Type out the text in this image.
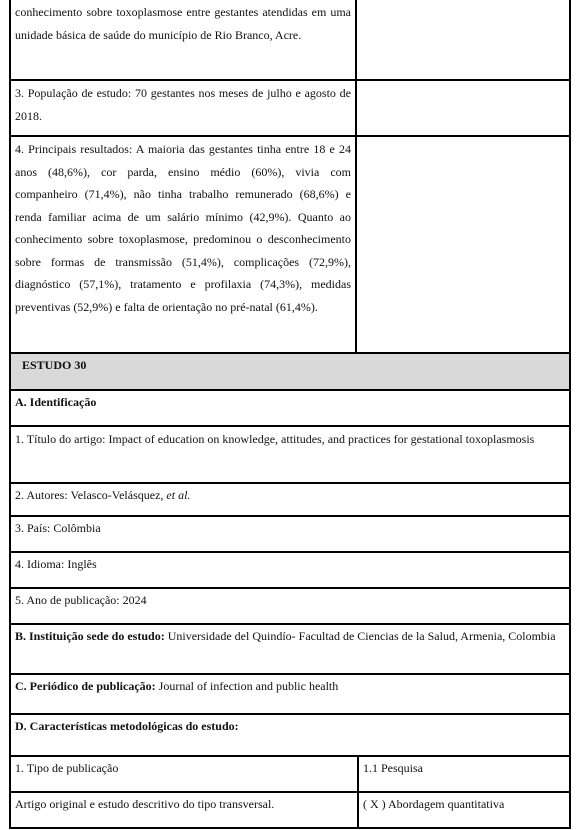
conhecimento sobre toxoplasmose entre gestantes atendidas em uma unidade básica de saúde do município de Rio Branco, Acre.
3. População de estudo: 70 gestantes nos meses de julho e agosto de 2018.
4. Principais resultados: A maioria das gestantes tinha entre 18 e 24 anos (48,6%), cor parda, ensino médio (60%), vivia com companheiro (71,4%), não tinha trabalho remunerado (68,6%) e renda familiar acima de um salário mínimo (42,9%). Quanto ao conhecimento sobre toxoplasmose, predominou o desconhecimento sobre formas de transmissão (51,4%), complicações (72,9%), diagnóstico (57,1%), tratamento e profilaxia (74,3%), medidas preventivas (52,9%) e falta de orientação no pré-natal (61,4%).
ESTUDO 30
A. Identificação
1. Título do artigo: Impact of education on knowledge, attitudes, and practices for gestational toxoplasmosis
2. Autores: Velasco-Velásquez, et al.
3. País: Colômbia
4. Idioma: Inglês
5. Ano de publicação: 2024
B. Instituição sede do estudo: Universidade del Quindío- Facultad de Ciencias de la Salud, Armenia, Colombia
C. Periódico de publicação: Journal of infection and public health
D. Características metodológicas do estudo:
1. Tipo de publicação	1.1 Pesquisa
Artigo original e estudo descritivo do tipo transversal.	( X ) Abordagem quantitativa
